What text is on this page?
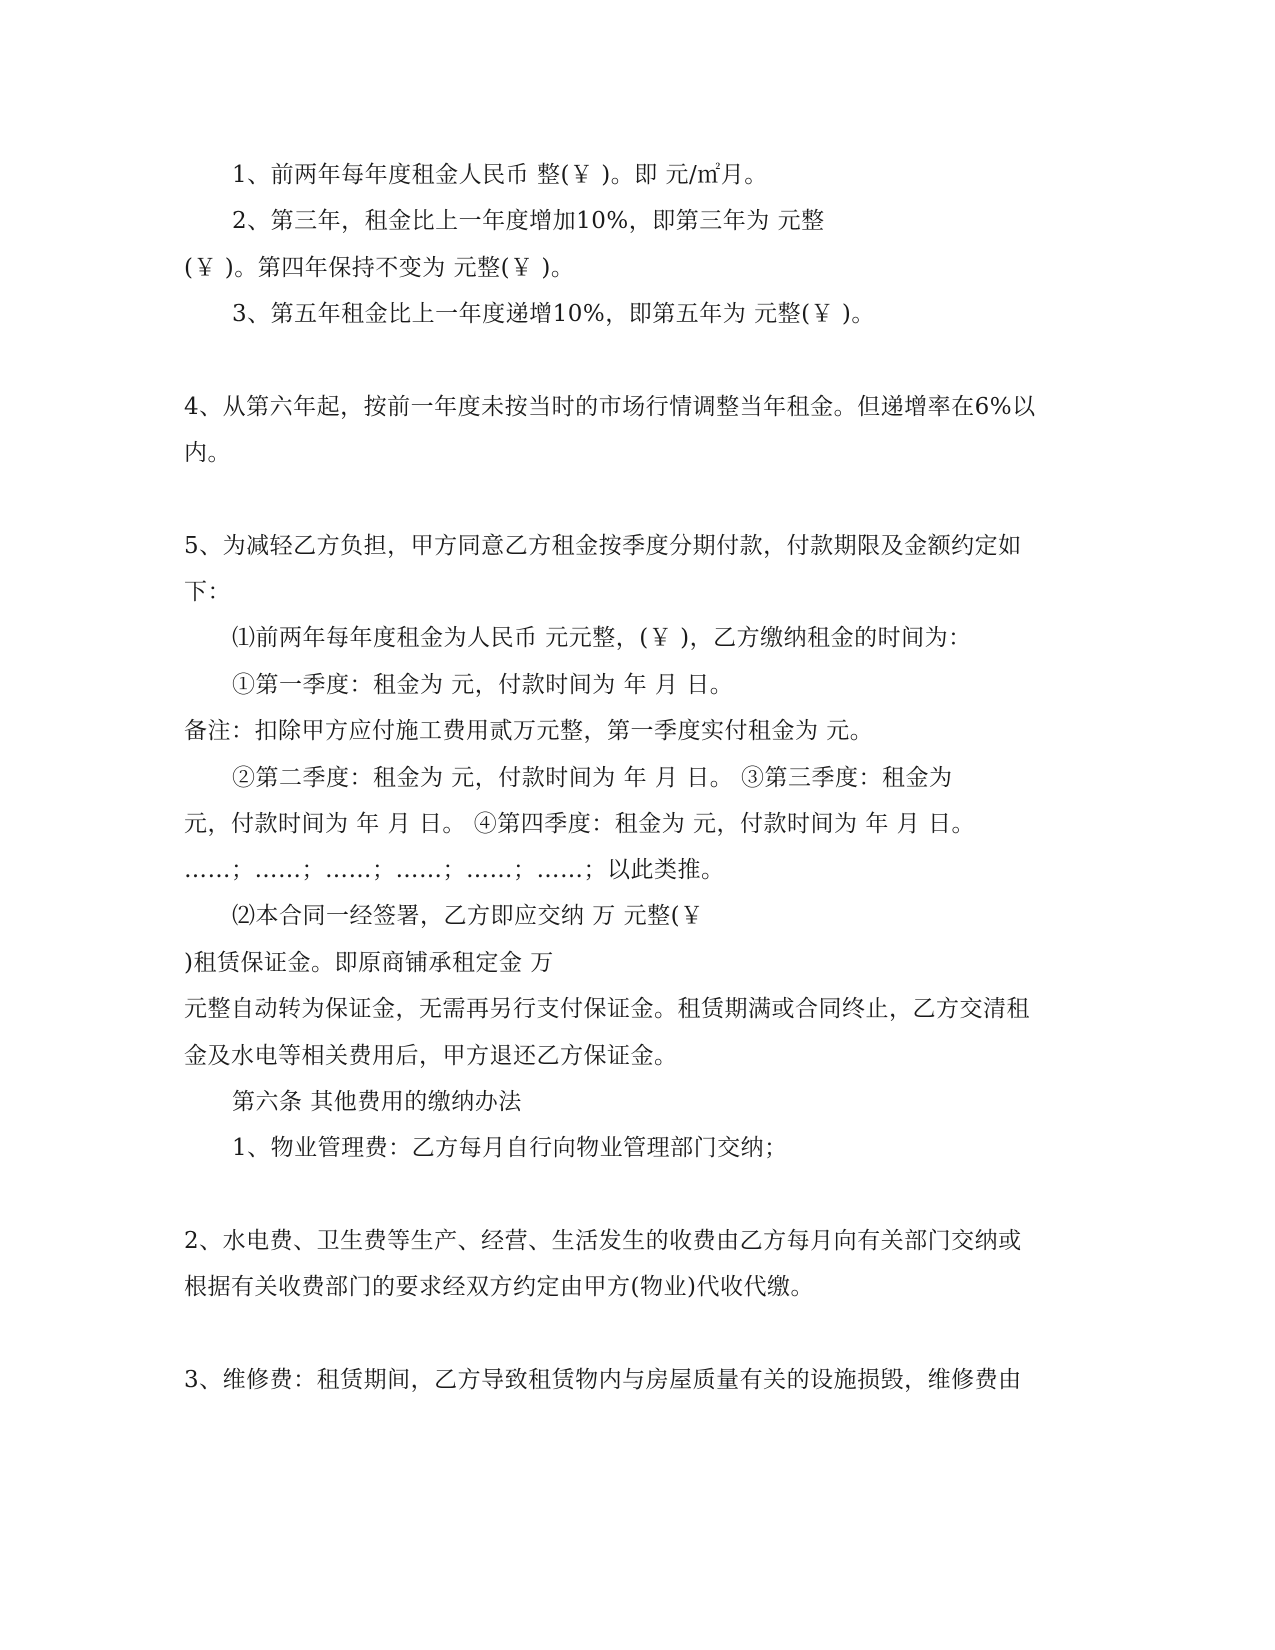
1、前两年每年度租金人民币 整(￥ )。即 元/㎡月。
2、第三年，租金比上一年度增加10%，即第三年为 元整
(￥ )。第四年保持不变为 元整(￥ )。
3、第五年租金比上一年度递增10%，即第五年为 元整(￥ )。
4、从第六年起，按前一年度未按当时的市场行情调整当年租金。但递增率在6%以
内。
5、为减轻乙方负担，甲方同意乙方租金按季度分期付款，付款期限及金额约定如
下：
⑴前两年每年度租金为人民币 元元整，(￥ )，乙方缴纳租金的时间为：
①第一季度：租金为 元，付款时间为 年 月 日。
备注：扣除甲方应付施工费用贰万元整，第一季度实付租金为 元。
②第二季度：租金为 元，付款时间为 年 月 日。 ③第三季度：租金为
元，付款时间为 年 月 日。 ④第四季度：租金为 元，付款时间为 年 月 日。
……；……；……；……；……；……；以此类推。
⑵本合同一经签署，乙方即应交纳 万 元整(￥
)租赁保证金。即原商铺承租定金 万
元整自动转为保证金，无需再另行支付保证金。租赁期满或合同终止，乙方交清租
金及水电等相关费用后，甲方退还乙方保证金。
第六条 其他费用的缴纳办法
1、物业管理费：乙方每月自行向物业管理部门交纳；
2、水电费、卫生费等生产、经营、生活发生的收费由乙方每月向有关部门交纳或
根据有关收费部门的要求经双方约定由甲方(物业)代收代缴。
3、维修费：租赁期间，乙方导致租赁物内与房屋质量有关的设施损毁，维修费由
